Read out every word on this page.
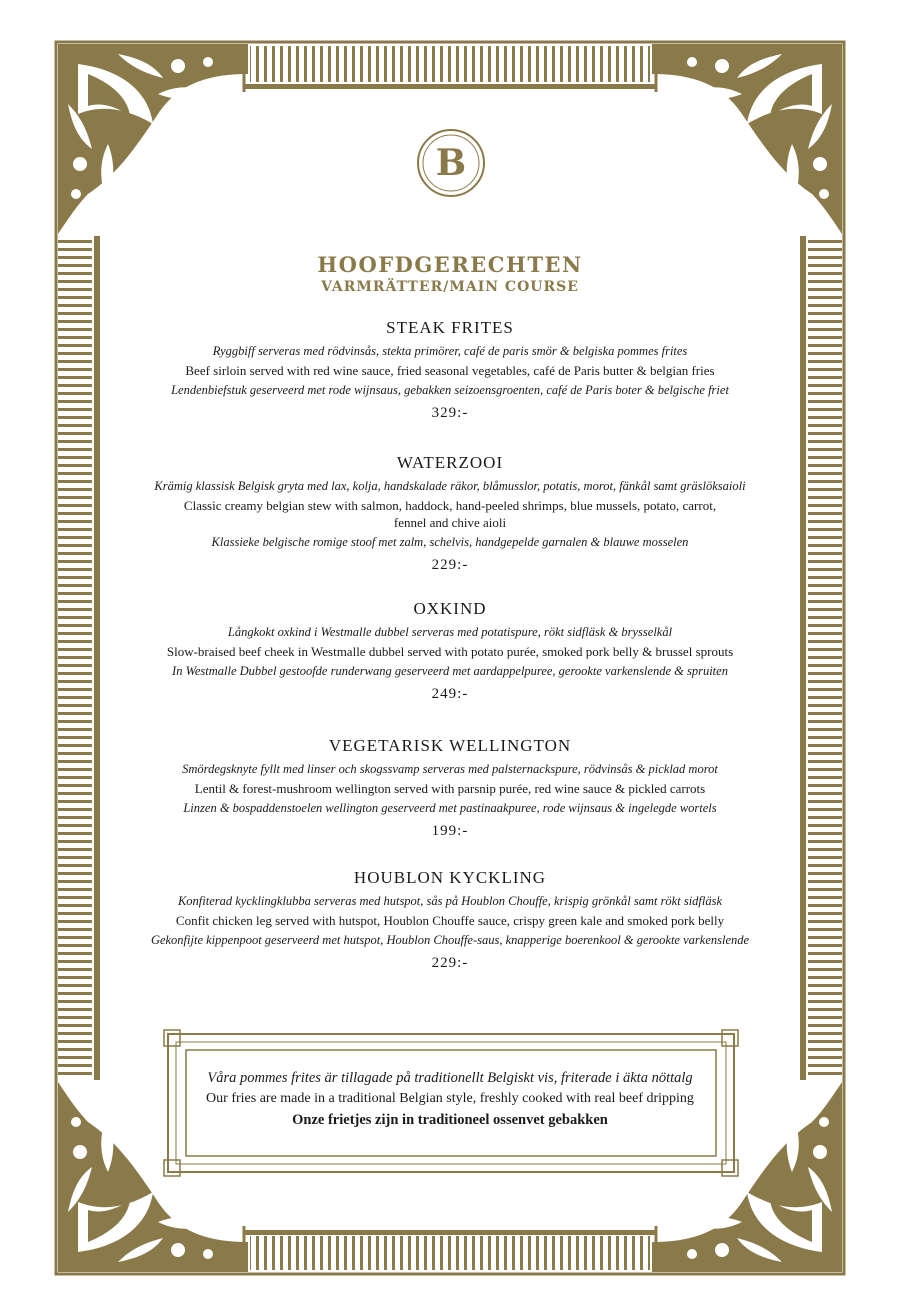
B
HOOFDGERECHTEN
VARMRÄTTER/MAIN COURSE
STEAK FRITES
Ryggbiff serveras med rödvinsås, stekta primörer, café de paris smör & belgiska pommes frites
Beef sirloin served with red wine sauce, fried seasonal vegetables, café de Paris butter & belgian fries
Lendenbiefstuk geserveerd met rode wijnsaus, gebakken seizoensgroenten, café de Paris boter & belgische friet
329:-
WATERZOOI
Krämig klassisk Belgisk gryta med lax, kolja, handskalade räkor, blåmusslor, potatis, morot, fänkål samt gräslöksaioli
Classic creamy belgian stew with salmon, haddock, hand-peeled shrimps, blue mussels, potato, carrot, fennel and chive aioli
Klassieke belgische romige stoof met zalm, schelvis, handgepelde garnalen & blauwe mosselen
229:-
OXKIND
Långkokt oxkind i Westmalle dubbel serveras med potatispure, rökt sidfläsk & brysselkål
Slow-braised beef cheek in Westmalle dubbel served with potato purée, smoked pork belly & brussel sprouts
In Westmalle Dubbel gestoofde runderwang geserveerd met aardappelpuree, gerookte varkenslende & spruiten
249:-
VEGETARISK WELLINGTON
Smördegsknyte fyllt med linser och skogssvamp serveras med palsternackspure, rödvinsås & picklad morot
Lentil & forest-mushroom wellington served with parsnip purée, red wine sauce & pickled carrots
Linzen & bospaddenstoelen wellington geserveerd met pastinaakpuree, rode wijnsaus & ingelegde wortels
199:-
HOUBLON KYCKLING
Konfiterad kycklingklubba serveras med hutspot, sås på Houblon Chouffe, krispig grönkål samt rökt sidfläsk
Confit chicken leg served with hutspot, Houblon Chouffe sauce, crispy green kale and smoked pork belly
Gekonfijte kippenpoot geserveerd met hutspot, Houblon Chouffe-saus, knapperige boerenkool & gerookte varkenslende
229:-
Våra pommes frites är tillagade på traditionellt Belgiskt vis, friterade i äkta nöttalg
Our fries are made in a traditional Belgian style, freshly cooked with real beef dripping
Onze frietjes zijn in traditioneel ossenvet gebakken
